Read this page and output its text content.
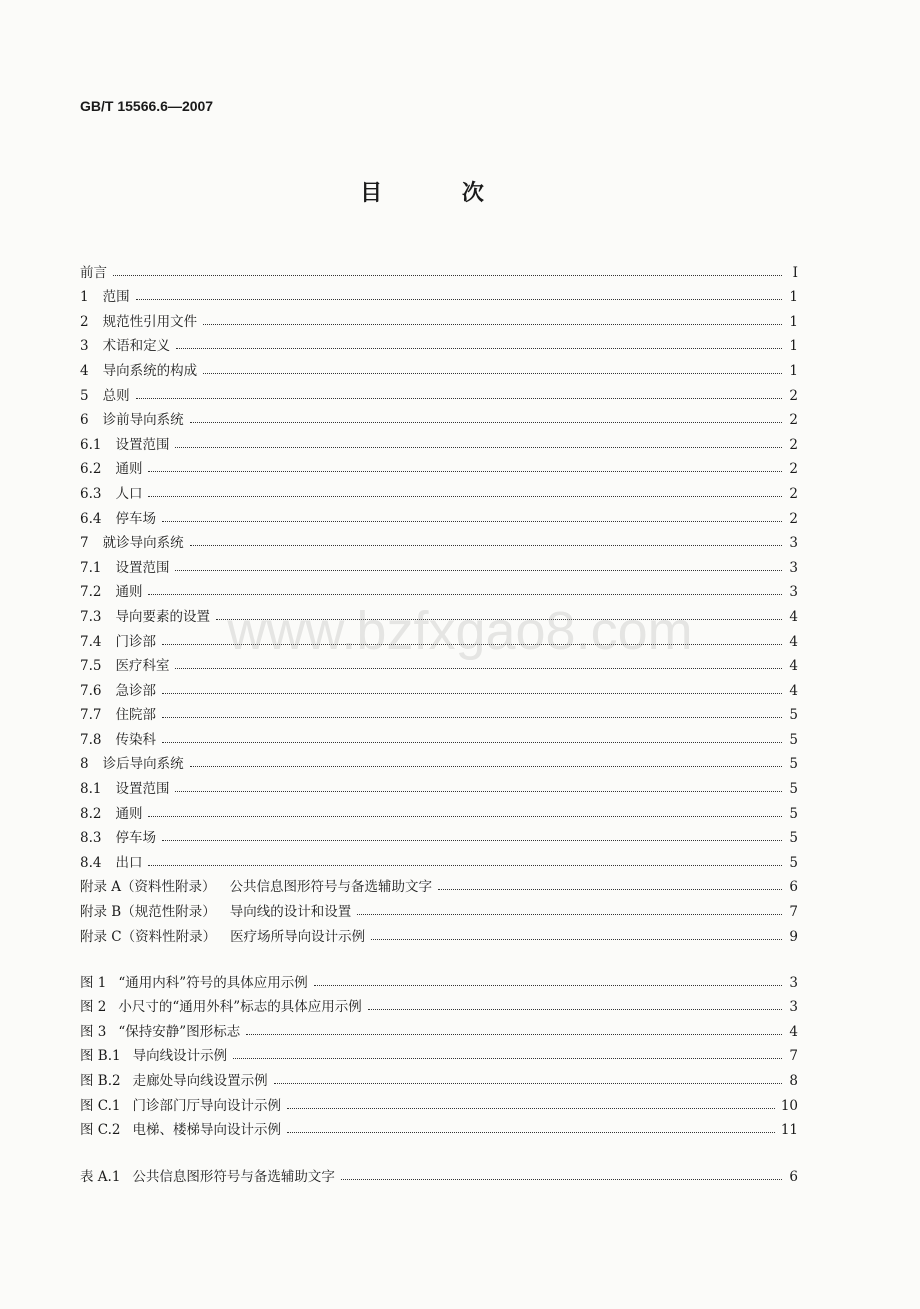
GB/T 15566.6—2007
目 次
前言	I
1 范围	1
2 规范性引用文件	1
3 术语和定义	1
4 导向系统的构成	1
5 总则	2
6 诊前导向系统	2
6.1 设置范围	2
6.2 通则	2
6.3 人口	2
6.4 停车场	2
7 就诊导向系统	3
7.1 设置范围	3
7.2 通则	3
7.3 导向要素的设置	4
7.4 门诊部	4
7.5 医疗科室	4
7.6 急诊部	4
7.7 住院部	5
7.8 传染科	5
8 诊后导向系统	5
8.1 设置范围	5
8.2 通则	5
8.3 停车场	5
8.4 出口	5
附录 A（资料性附录） 公共信息图形符号与备选辅助文字	6
附录 B（规范性附录） 导向线的设计和设置	7
附录 C（资料性附录） 医疗场所导向设计示例	9
图 1 “通用内科”符号的具体应用示例	3
图 2 小尺寸的“通用外科”标志的具体应用示例	3
图 3 “保持安静”图形标志	4
图 B.1 导向线设计示例	7
图 B.2 走廊处导向线设置示例	8
图 C.1 门诊部门厅导向设计示例	10
图 C.2 电梯、楼梯导向设计示例	11
表 A.1 公共信息图形符号与备选辅助文字	6
www.bzfxgao8.com
